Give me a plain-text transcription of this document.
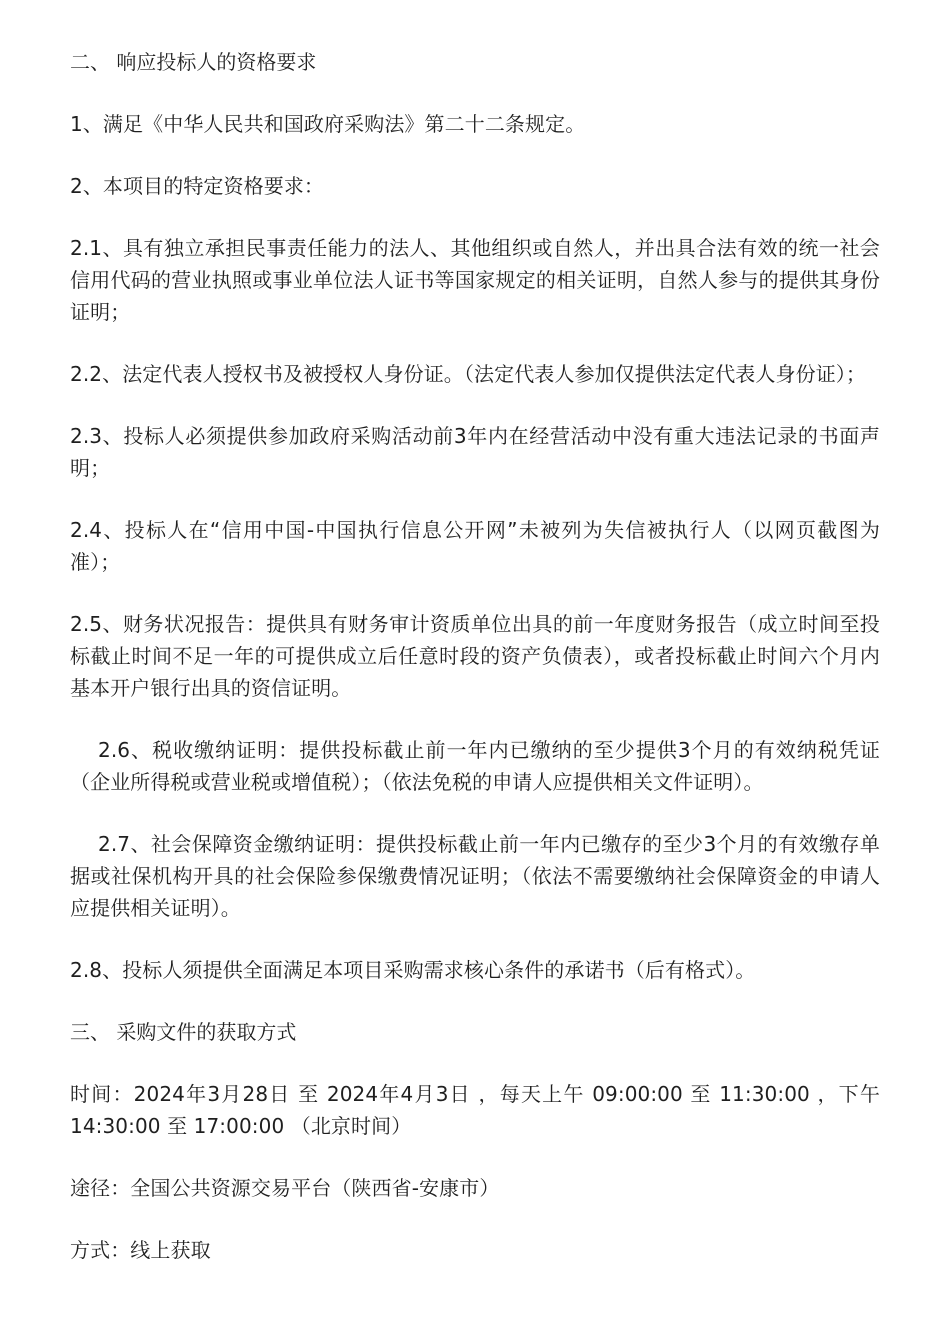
二、 响应投标人的资格要求

1、满足《中华人民共和国政府采购法》第二十二条规定。

2、本项目的特定资格要求：

2.1、具有独立承担民事责任能力的法人、其他组织或自然人，并出具合法有效的统一社会信用代码的营业执照或事业单位法人证书等国家规定的相关证明，自然人参与的提供其身份证明；

2.2、法定代表人授权书及被授权人身份证。（法定代表人参加仅提供法定代表人身份证）；

2.3、投标人必须提供参加政府采购活动前3年内在经营活动中没有重大违法记录的书面声明；

2.4、投标人在“信用中国-中国执行信息公开网”未被列为失信被执行人（以网页截图为准）；

2.5、财务状况报告：提供具有财务审计资质单位出具的前一年度财务报告（成立时间至投标截止时间不足一年的可提供成立后任意时段的资产负债表），或者投标截止时间六个月内基本开户银行出具的资信证明。

2.6、税收缴纳证明：提供投标截止前一年内已缴纳的至少提供3个月的有效纳税凭证（企业所得税或营业税或增值税）；（依法免税的申请人应提供相关文件证明）。

2.7、社会保障资金缴纳证明：提供投标截止前一年内已缴存的至少3个月的有效缴存单据或社保机构开具的社会保险参保缴费情况证明；（依法不需要缴纳社会保障资金的申请人应提供相关证明）。

2.8、投标人须提供全面满足本项目采购需求核心条件的承诺书（后有格式）。

三、 采购文件的获取方式

时间：2024年3月28日 至 2024年4月3日 ，每天上午 09:00:00 至 11:30:00 ，下午14:30:00 至 17:00:00 （北京时间）

途径：全国公共资源交易平台（陕西省-安康市）

方式：线上获取
